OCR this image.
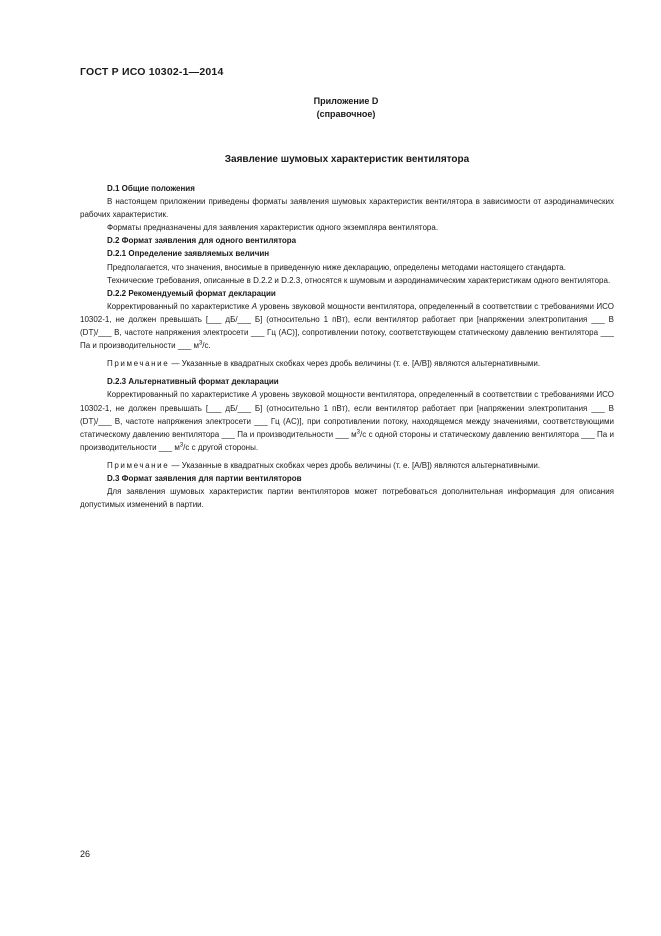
ГОСТ Р ИСО 10302-1—2014
Приложение D
(справочное)
Заявление шумовых характеристик вентилятора

D.1 Общие положения

В настоящем приложении приведены форматы заявления шумовых характеристик вентилятора в зависимости от аэродинамических рабочих характеристик.

Форматы предназначены для заявления характеристик одного экземпляра вентилятора.

D.2 Формат заявления для одного вентилятора

D.2.1 Определение заявляемых величин

Предполагается, что значения, вносимые в приведенную ниже декларацию, определены методами настоящего стандарта.

Технические требования, описанные в D.2.2 и D.2.3, относятся к шумовым и аэродинамическим характеристикам одного вентилятора.

D.2.2 Рекомендуемый формат декларации

Корректированный по характеристике A уровень звуковой мощности вентилятора, определенный в соответствии с требованиями ИСО 10302-1, не должен превышать [___ дБ/___ Б] (относительно 1 пВт), если вентилятор работает при [напряжении электропитания ___ В (DT)/___ В, частоте напряжения электросети ___ Гц (AC)], сопротивлении потоку, соответствующем статическому давлению вентилятора ___ Па и производительности ___ $м^3/с$.

Примечание — Указанные в квадратных скобках через дробь величины (т. е. [А/В]) являются альтернативными.

D.2.3 Альтернативный формат декларации

Корректированный по характеристике A уровень звуковой мощности вентилятора, определенный в соответствии с требованиями ИСО 10302-1, не должен превышать [___ дБ/___ Б] (относительно 1 пВт), если вентилятор работает при [напряжении электропитания ___ В (DT)/___ В, частоте напряжения электросети ___ Гц (AC)], при сопротивлении потоку, находящемся между значениями, соответствующими статическому давлению вентилятора ___ Па и производительности ___ $м^3/с$ с одной стороны и статическому давлению вентилятора ___ Па и производительности ___ $м^3/с$ с другой стороны.

Примечание — Указанные в квадратных скобках через дробь величины (т. е. [А/В]) являются альтернативными.

D.3 Формат заявления для партии вентиляторов

Для заявления шумовых характеристик партии вентиляторов может потребоваться дополнительная информация для описания допустимых изменений в партии.

26
